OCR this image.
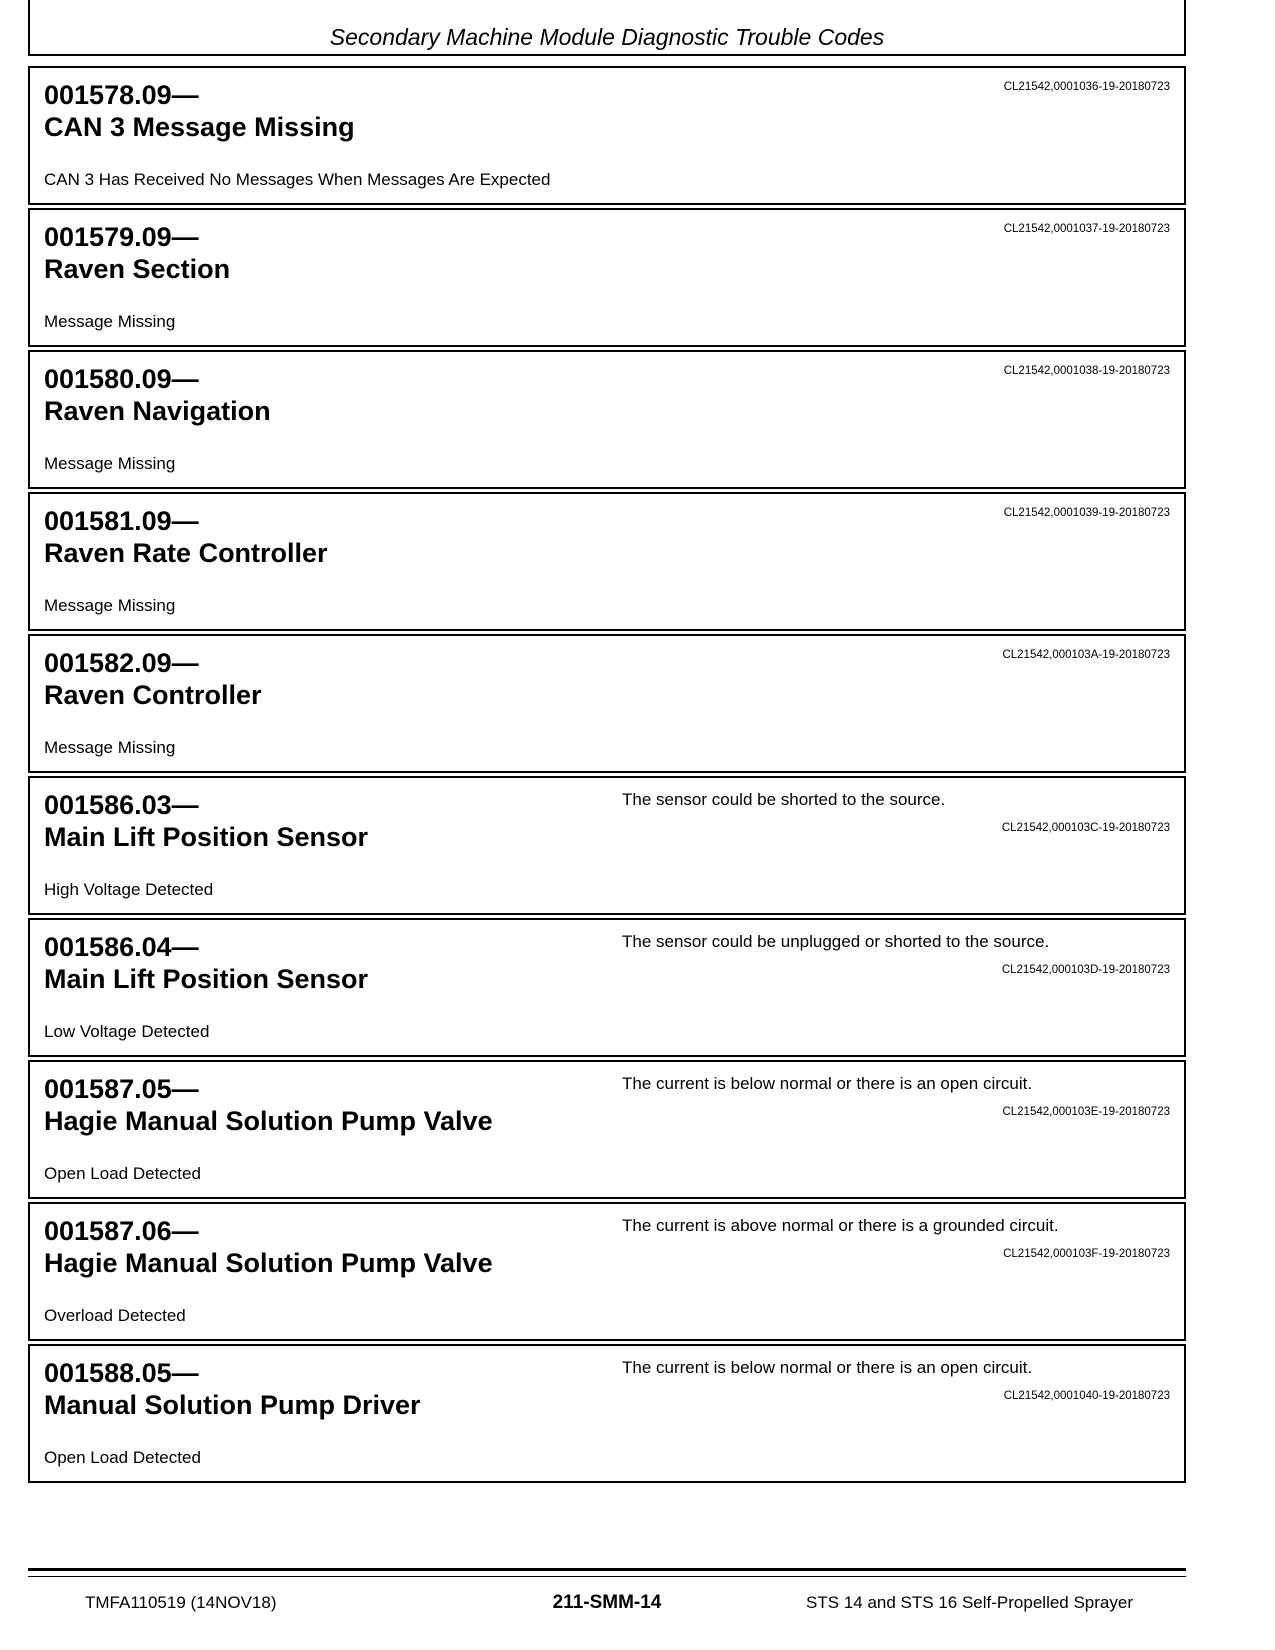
Secondary Machine Module Diagnostic Trouble Codes
001578.09—
CAN 3 Message Missing
CAN 3 Has Received No Messages When Messages Are Expected
CL21542,0001036-19-20180723
001579.09—
Raven Section
Message Missing
CL21542,0001037-19-20180723
001580.09—
Raven Navigation
Message Missing
CL21542,0001038-19-20180723
001581.09—
Raven Rate Controller
Message Missing
CL21542,0001039-19-20180723
001582.09—
Raven Controller
Message Missing
CL21542,000103A-19-20180723
001586.03—
Main Lift Position Sensor
High Voltage Detected
The sensor could be shorted to the source.
CL21542,000103C-19-20180723
001586.04—
Main Lift Position Sensor
Low Voltage Detected
The sensor could be unplugged or shorted to the source.
CL21542,000103D-19-20180723
001587.05—
Hagie Manual Solution Pump Valve
Open Load Detected
The current is below normal or there is an open circuit.
CL21542,000103E-19-20180723
001587.06—
Hagie Manual Solution Pump Valve
Overload Detected
The current is above normal or there is a grounded circuit.
CL21542,000103F-19-20180723
001588.05—
Manual Solution Pump Driver
Open Load Detected
The current is below normal or there is an open circuit.
CL21542,0001040-19-20180723
TMFA110519 (14NOV18)	211-SMM-14	STS 14 and STS 16 Self-Propelled Sprayer
